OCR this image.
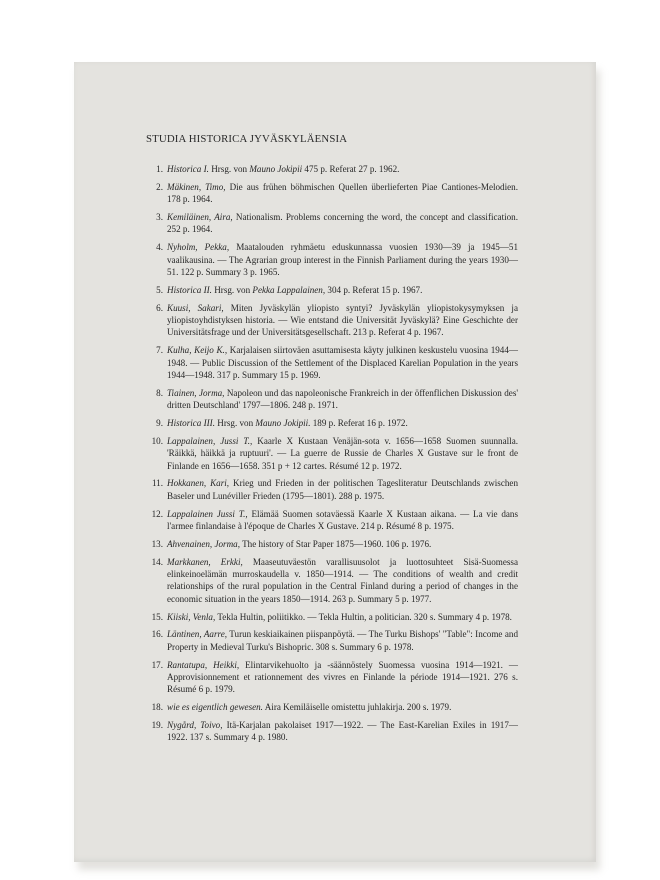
STUDIA HISTORICA JYVÄSKYLÄENSIA
1 . Historica I. Hrsg. von Mauno Jokipii 475 p. Referat 27 p. 1962.
2 . Mäkinen, Timo, Die aus frühen böhmischen Quellen überlieferten Piae Cantiones-Melodien. 178 p. 1964.
3 . Kemiläinen, Aira, Nationalism. Problems concerning the word, the concept and classification. 252 p. 1964.
4 . Nyholm, Pekka, Maatalouden ryhmäetu eduskunnassa vuosien 1930—39 ja 1945—51 vaalikausina. — The Agrarian group interest in the Finnish Parliament during the years 1930—51. 122 p. Summary 3 p. 1965.
5 . Historica II. Hrsg. von Pekka Lappalainen, 304 p. Referat 15 p. 1967.
6 . Kuusi, Sakari, Miten Jyväskylän yliopisto syntyi? Jyväskylän yliopistokysymyksen ja yliopistoyhdistyksen historia. — Wie entstand die Universität Jyväskylä? Eine Geschichte der Universitätsfrage und der Universitätsgesellschaft. 213 p. Referat 4 p. 1967.
7 . Kulha, Keijo K., Karjalaisen siirtoväen asuttamisesta käyty julkinen keskustelu vuosina 1944—1948. — Public Discussion of the Settlement of the Displaced Karelian Population in the years 1944—1948. 317 p. Summary 15 p. 1969.
8 . Tiainen, Jorma, Napoleon und das napoleonische Frankreich in der öffenflichen Diskussion des' dritten Deutschland' 1797—1806. 248 p. 1971.
9 . Historica III. Hrsg. von Mauno Jokipii. 189 p. Referat 16 p. 1972.
10 . Lappalainen, Jussi T., Kaarle X Kustaan Venäjän-sota v. 1656—1658 Suomen suunnalla. 'Räikkä, häikkä ja ruptuuri'. — La guerre de Russie de Charles X Gustave sur le front de Finlande en 1656—1658. 351 p + 12 cartes. Résumé 12 p. 1972.
11 . Hokkanen, Kari, Krieg und Frieden in der politischen Tagesliteratur Deutschlands zwischen Baseler und Lunéviller Frieden (1795—1801). 288 p. 1975.
12 . Lappalainen Jussi T., Elämää Suomen sotaväessä Kaarle X Kustaan aikana. — La vie dans l'armee finlandaise à l'époque de Charles X Gustave. 214 p. Résumé 8 p. 1975.
13 . Ahvenainen, Jorma, The history of Star Paper 1875—1960. 106 p. 1976.
14 . Markkanen, Erkki, Maaseutuväestön varallisuusolot ja luottosuhteet Sisä-Suomessa elinkeinoelämän murroskaudella v. 1850—1914. — The conditions of wealth and credit relationships of the rural population in the Central Finland during a period of changes in the economic situation in the years 1850—1914. 263 p. Summary 5 p. 1977.
15 . Kiiski, Venla, Tekla Hultin, poliitikko. — Tekla Hultin, a politician. 320 s. Summary 4 p. 1978.
16 . Läntinen, Aarre, Turun keskiaikainen piispanpöytä. — The Turku Bishops' "Table": Income and Property in Medieval Turku's Bishopric. 308 s. Summary 6 p. 1978.
17 . Rantatupa, Heikki, Elintarvikehuolto ja -säännöstely Suomessa vuosina 1914—1921. — Approvisionnement et rationnement des vivres en Finlande la période 1914—1921. 276 s. Résumé 6 p. 1979.
18 . wie es eigentlich gewesen. Aira Kemiläiselle omistettu juhlakirja. 200 s. 1979.
19 . Nygård, Toivo, Itä-Karjalan pakolaiset 1917—1922. — The East-Karelian Exiles in 1917—1922. 137 s. Summary 4 p. 1980.
